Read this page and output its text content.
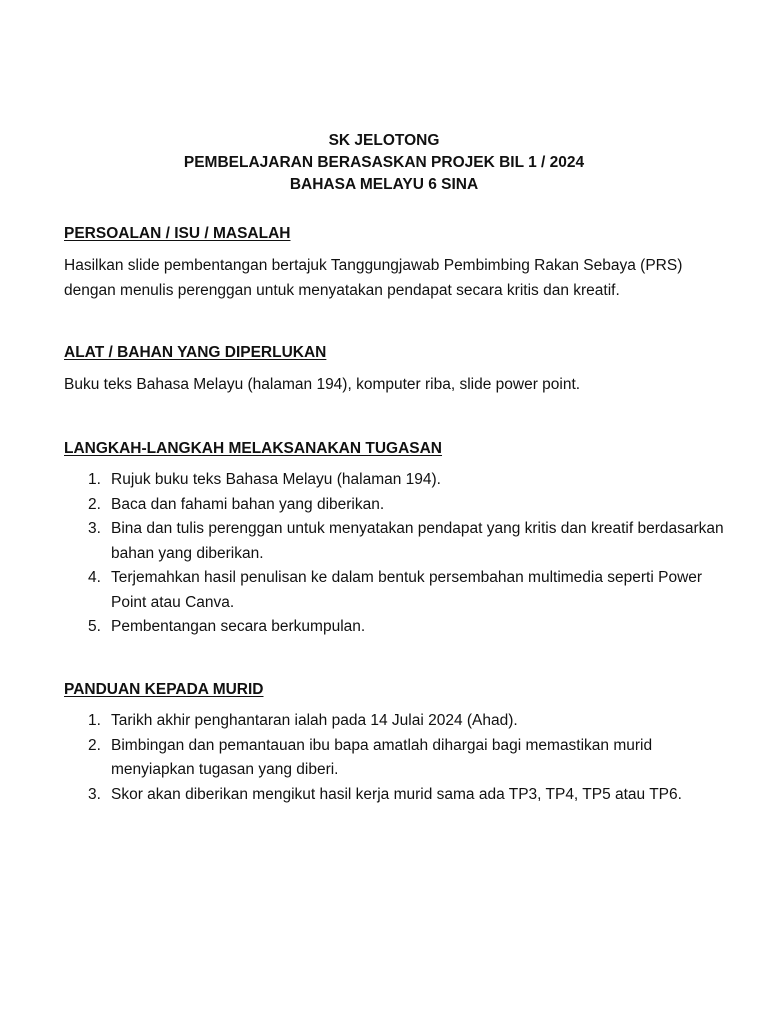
SK JELOTONG
PEMBELAJARAN BERASASKAN PROJEK BIL 1 / 2024
BAHASA MELAYU 6 SINA
PERSOALAN / ISU / MASALAH
Hasilkan slide pembentangan bertajuk Tanggungjawab Pembimbing Rakan Sebaya (PRS) dengan menulis perenggan untuk menyatakan pendapat secara kritis dan kreatif.
ALAT / BAHAN YANG DIPERLUKAN
Buku teks Bahasa Melayu (halaman 194), komputer riba, slide power point.
LANGKAH-LANGKAH MELAKSANAKAN TUGASAN
1. Rujuk buku teks Bahasa Melayu (halaman 194).
2. Baca dan fahami bahan yang diberikan.
3. Bina dan tulis perenggan untuk menyatakan pendapat yang kritis dan kreatif berdasarkan bahan yang diberikan.
4. Terjemahkan hasil penulisan ke dalam bentuk persembahan multimedia seperti Power Point atau Canva.
5. Pembentangan secara berkumpulan.
PANDUAN KEPADA MURID
1. Tarikh akhir penghantaran ialah pada 14 Julai 2024 (Ahad).
2. Bimbingan dan pemantauan ibu bapa amatlah dihargai bagi memastikan murid menyiapkan tugasan yang diberi.
3. Skor akan diberikan mengikut hasil kerja murid sama ada TP3, TP4, TP5 atau TP6.
